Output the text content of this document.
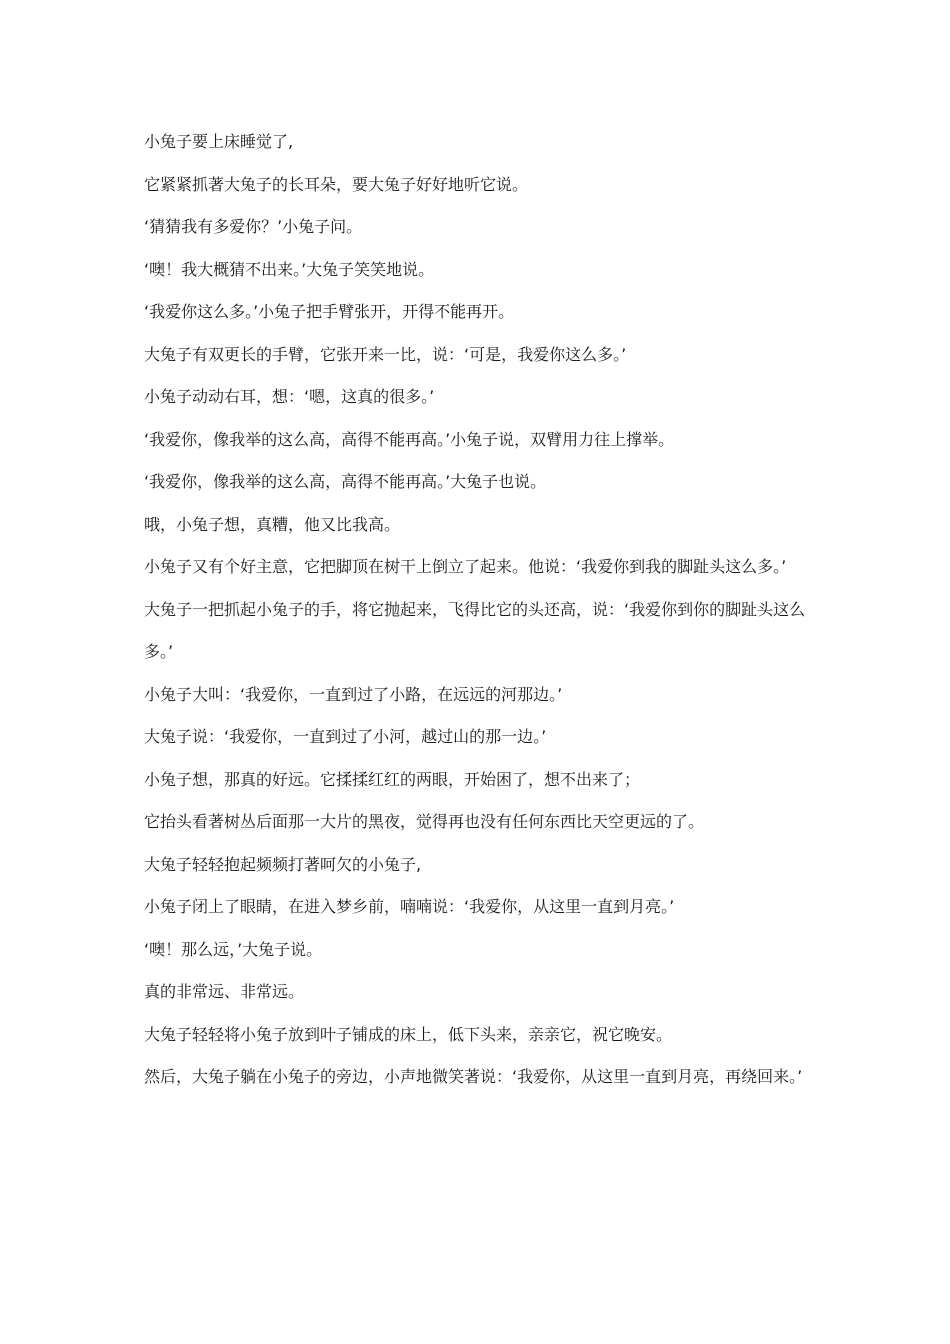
小兔子要上床睡觉了,

它紧紧抓著大兔子的长耳朵，要大兔子好好地听它说。

‘猜猜我有多爱你？’小兔子问。

‘噢！我大概猜不出来。’大兔子笑笑地说。

‘我爱你这么多。’小兔子把手臂张开，开得不能再开。

大兔子有双更长的手臂，它张开来一比，说：‘可是，我爱你这么多。’

小兔子动动右耳，想：‘嗯，这真的很多。’

‘我爱你，像我举的这么高，高得不能再高。’小兔子说，双臂用力往上撑举。

‘我爱你，像我举的这么高，高得不能再高。’大兔子也说。

哦，小兔子想，真糟，他又比我高。

小兔子又有个好主意，它把脚顶在树干上倒立了起来。他说：‘我爱你到我的脚趾头这么多。’

大兔子一把抓起小兔子的手，将它抛起来，飞得比它的头还高，说：‘我爱你到你的脚趾头这么多。’

小兔子大叫：‘我爱你，一直到过了小路，在远远的河那边。’

大兔子说：‘我爱你，一直到过了小河，越过山的那一边。’

小兔子想，那真的好远。它揉揉红红的两眼，开始困了，想不出来了；

它抬头看著树丛后面那一大片的黑夜，觉得再也没有任何东西比天空更远的了。

大兔子轻轻抱起频频打著呵欠的小兔子,

小兔子闭上了眼睛，在进入梦乡前，喃喃说：‘我爱你，从这里一直到月亮。’

‘噢！那么远，’大兔子说。

真的非常远、非常远。

大兔子轻轻将小兔子放到叶子铺成的床上，低下头来，亲亲它，祝它晚安。

然后，大兔子躺在小兔子的旁边，小声地微笑著说：‘我爱你，从这里一直到月亮，再绕回来。’
